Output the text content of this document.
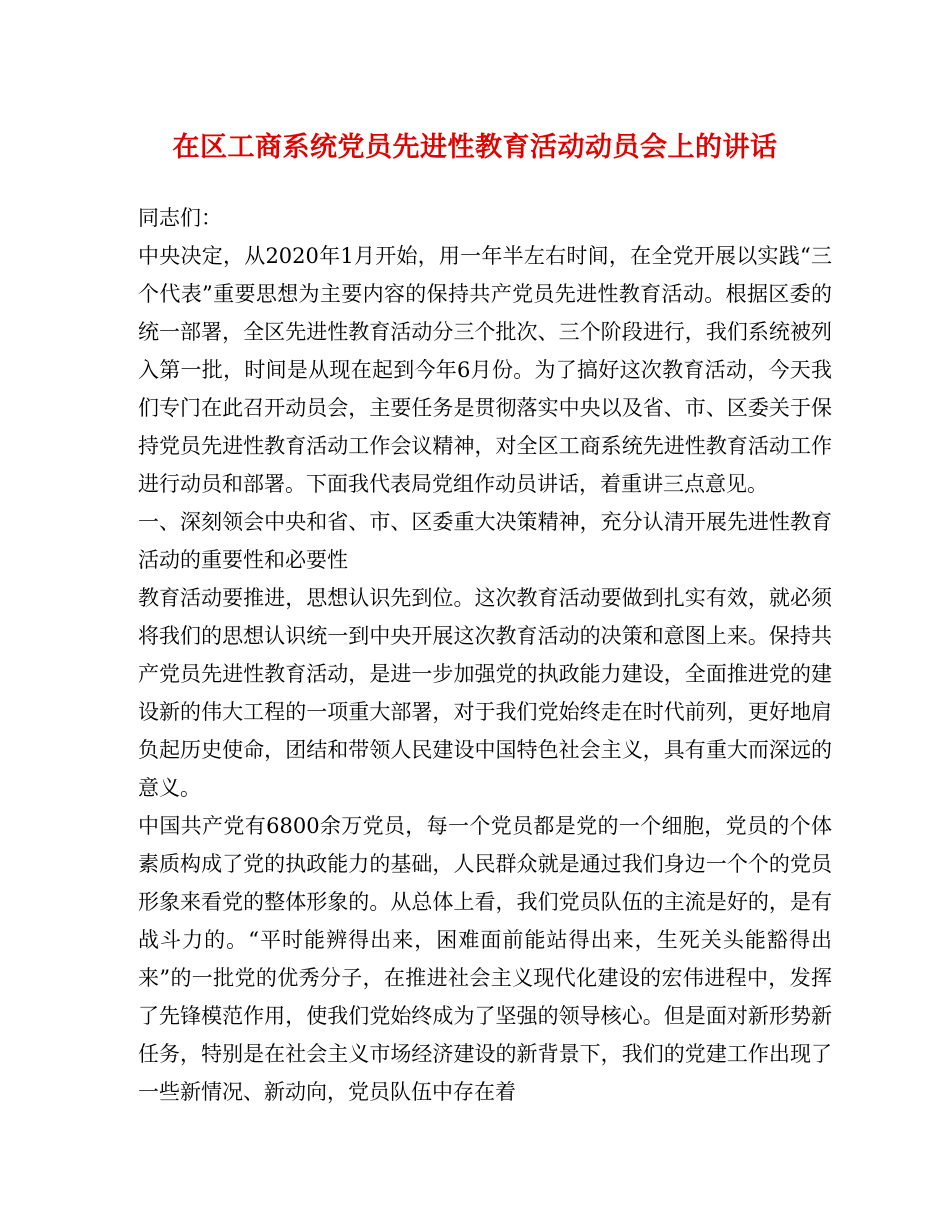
在区工商系统党员先进性教育活动动员会上的讲话

同志们：

中央决定，从2020年1月开始，用一年半左右时间，在全党开展以实践“三个代表”重要思想为主要内容的保持共产党员先进性教育活动。根据区委的统一部署，全区先进性教育活动分三个批次、三个阶段进行，我们系统被列入第一批，时间是从现在起到今年6月份。为了搞好这次教育活动，今天我们专门在此召开动员会，主要任务是贯彻落实中央以及省、市、区委关于保持党员先进性教育活动工作会议精神，对全区工商系统先进性教育活动工作进行动员和部署。下面我代表局党组作动员讲话，着重讲三点意见。

一、深刻领会中央和省、市、区委重大决策精神，充分认清开展先进性教育活动的重要性和必要性

教育活动要推进，思想认识先到位。这次教育活动要做到扎实有效，就必须将我们的思想认识统一到中央开展这次教育活动的决策和意图上来。保持共产党员先进性教育活动，是进一步加强党的执政能力建设，全面推进党的建设新的伟大工程的一项重大部署，对于我们党始终走在时代前列，更好地肩负起历史使命，团结和带领人民建设中国特色社会主义，具有重大而深远的意义。

中国共产党有6800余万党员，每一个党员都是党的一个细胞，党员的个体素质构成了党的执政能力的基础，人民群众就是通过我们身边一个个的党员形象来看党的整体形象的。从总体上看，我们党员队伍的主流是好的，是有战斗力的。“平时能辨得出来，困难面前能站得出来，生死关头能豁得出来”的一批党的优秀分子，在推进社会主义现代化建设的宏伟进程中，发挥了先锋模范作用，使我们党始终成为了坚强的领导核心。但是面对新形势新任务，特别是在社会主义市场经济建设的新背景下，我们的党建工作出现了一些新情况、新动向，党员队伍中存在着
